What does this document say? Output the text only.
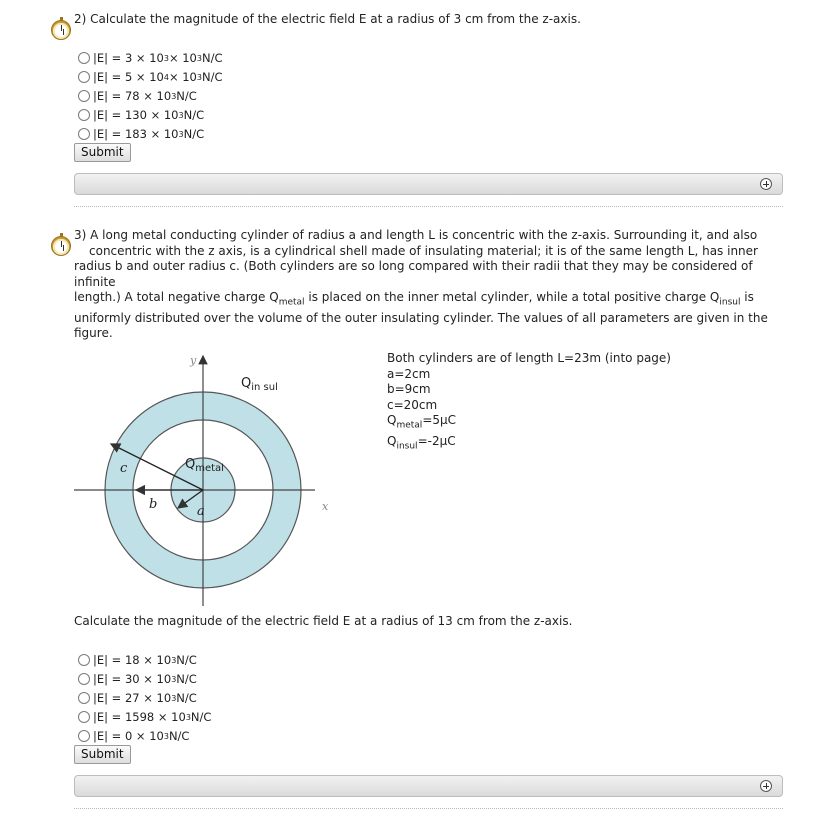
2) Calculate the magnitude of the electric field E at a radius of 3 cm from the z-axis.
|E| = 3 × 10 3 × 10 3 N/C
|E| = 5 × 10 4 × 10 3 N/C
|E| = 78 × 10 3 N/C
|E| = 130 × 10 3 N/C
|E| = 183 × 10 3 N/C
Submit
3) A long metal conducting cylinder of radius a and length L is concentric with the z-axis. Surrounding it, and also
concentric with the z axis, is a cylindrical shell made of insulating material; it is of the same length L, has inner
radius b and outer radius c. (Both cylinders are so long compared with their radii that they may be considered of infinite
length.) A total negative charge $Q_{metal}$ is placed on the inner metal cylinder, while a total positive charge $Q_{insul}$ is
uniformly distributed over the volume of the outer insulating cylinder. The values of all parameters are given in the
figure.
y
x
$Q_{in sul}$
$Q_{metal}$
c
b	a
Both cylinders are of length L=23m (into page)
a=2cm
b=9cm
c=20cm
$Q_{metal}=5\mu C$
$Q_{insul}=-2\mu C$
Calculate the magnitude of the electric field E at a radius of 13 cm from the z-axis.
|E| = 18 × 10 3 N/C
|E| = 30 × 10 3 N/C
|E| = 27 × 10 3 N/C
|E| = 1598 × 10 3 N/C
|E| = 0 × 10 3 N/C
Submit
